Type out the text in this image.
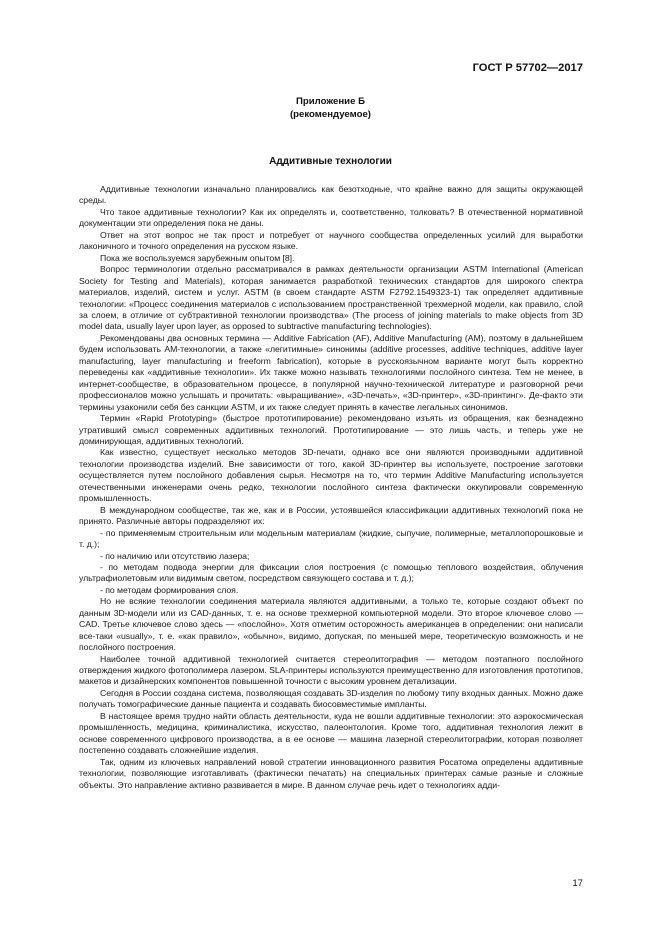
ГОСТ Р 57702—2017
Приложение Б
(рекомендуемое)
Аддитивные технологии

Аддитивные технологии изначально планировались как безотходные, что крайне важно для защиты окружающей среды.

Что такое аддитивные технологии? Как их определять и, соответственно, толковать? В отечественной нормативной документации эти определения пока не даны.

Ответ на этот вопрос не так прост и потребует от научного сообщества определенных усилий для выработки лаконичного и точного определения на русском языке.

Пока же воспользуемся зарубежным опытом [8].

Вопрос терминологии отдельно рассматривался в рамках деятельности организации ASTM International (American Society for Testing and Materials), которая занимается разработкой технических стандартов для широкого спектра материалов, изделий, систем и услуг. ASTM (в своем стандарте ASTM F2792.1549323-1) так определяет аддитивные технологии: «Процесс соединения материалов с использованием пространственной трехмерной модели, как правило, слой за слоем, в отличие от субтрактивной технологии производства» (The process of joining materials to make objects from 3D model data, usually layer upon layer, as opposed to subtractive manufacturing technologies).

Рекомендованы два основных термина — Additive Fabrication (AF), Additive Manufacturing (AM), поэтому в дальнейшем будем использовать АМ-технологии, а также «легитимные» синонимы (additive processes, additive techniques, additive layer manufacturing, layer manufacturing и freeform fabrication), которые в русскоязычном варианте могут быть корректно переведены как «аддитивные технологии». Их также можно называть технологиями послойного синтеза. Тем не менее, в интернет-сообществе, в образовательном процессе, в популярной научно-технической литературе и разговорной речи профессионалов можно услышать и прочитать: «выращивание», «3D-печать», «3D-принтер», «3D-принтинг». Де-факто эти термины узаконили себя без санкции ASTM, и их также следует принять в качестве легальных синонимов.

Термин «Rapid Prototyping» (быстрое прототипирование) рекомендовано изъять из обращения, как безнадежно утративший смысл современных аддитивных технологий. Прототипирование — это лишь часть, и теперь уже не доминирующая, аддитивных технологий.

Как известно, существует несколько методов 3D-печати, однако все они являются производными аддитивной технологии производства изделий. Вне зависимости от того, какой 3D-принтер вы используете, построение заготовки осуществляется путем послойного добавления сырья. Несмотря на то, что термин Additive Manufacturing используется отечественными инженерами очень редко, технологии послойного синтеза фактически оккупировали современную промышленность.

В международном сообществе, так же, как и в России, устоявшейся классификации аддитивных технологий пока не принято. Различные авторы подразделяют их:

- по применяемым строительным или модельным материалам (жидкие, сыпучие, полимерные, металлопорошковые и т. д.);

- по наличию или отсутствию лазера;

- по методам подвода энергии для фиксации слоя построения (с помощью теплового воздействия, облучения ультрафиолетовым или видимым светом, посредством связующего состава и т. д.);

- по методам формирования слоя.

Но не всякие технологии соединения материала являются аддитивными, а только те, которые создают объект по данным 3D-модели или из CAD-данных, т. е. на основе трехмерной компьютерной модели. Это второе ключевое слово — CAD. Третье ключевое слово здесь — «послойно». Хотя отметим осторожность американцев в определении: они написали все-таки «usually», т. е. «как правило», «обычно», видимо, допуская, по меньшей мере, теоретическую возможность и не послойного построения.

Наиболее точной аддитивной технологией считается стереолитография — методом поэтапного послойного отверждения жидкого фотополимера лазером. SLA-принтеры используются преимущественно для изготовления прототипов, макетов и дизайнерских компонентов повышенной точности с высоким уровнем детализации.

Сегодня в России создана система, позволяющая создавать 3D-изделия по любому типу входных данных. Можно даже получать томографические данные пациента и создавать биосовместимые импланты.

В настоящее время трудно найти область деятельности, куда не вошли аддитивные технологии: это аэрокосмическая промышленность, медицина, криминалистика, искусство, палеонтология. Кроме того, аддитивная технология лежит в основе современного цифрового производства, а в ее основе — машина лазерной стереолитографии, которая позволяет постепенно создавать сложнейшие изделия.

Так, одним из ключевых направлений новой стратегии инновационного развития Росатома определены аддитивные технологии, позволяющие изготавливать (фактически печатать) на специальных принтерах самые разные и сложные объекты. Это направление активно развивается в мире. В данном случае речь идет о технологиях адди-

17
